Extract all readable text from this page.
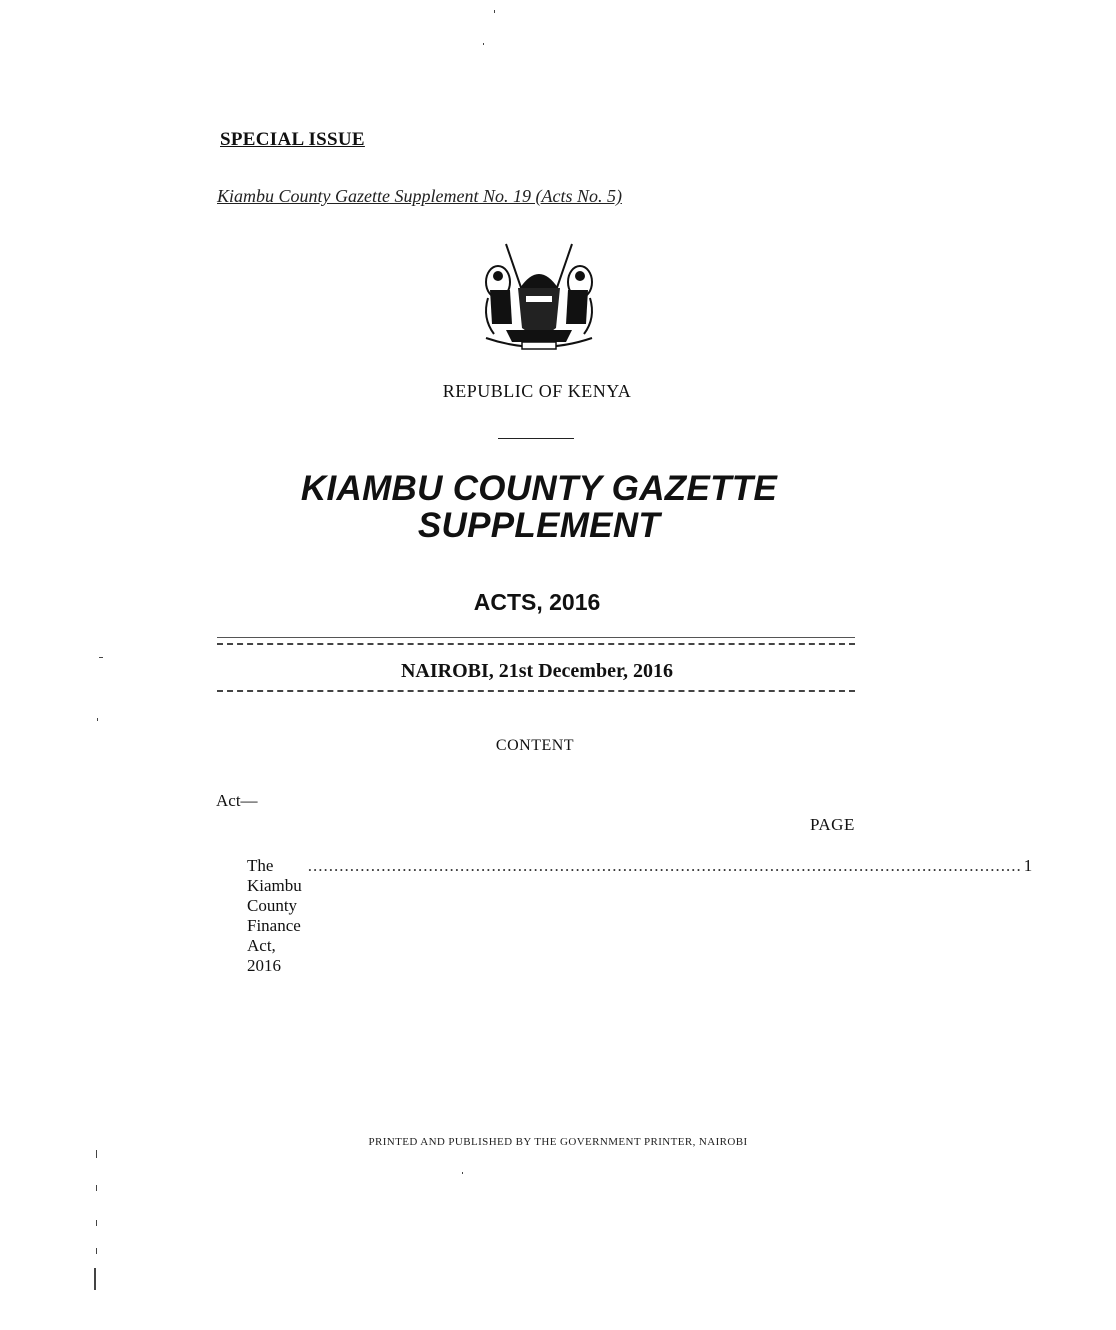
SPECIAL ISSUE
Kiambu County Gazette Supplement No. 19 (Acts No. 5)
REPUBLIC OF KENYA
KIAMBU COUNTY GAZETTE
SUPPLEMENT
ACTS, 2016
NAIROBI, 21st December, 2016
CONTENT
Act—
PAGE
The Kiambu County Finance Act, 2016
........................................................................................................................................ 1
PRINTED AND PUBLISHED BY THE GOVERNMENT PRINTER, NAIROBI
